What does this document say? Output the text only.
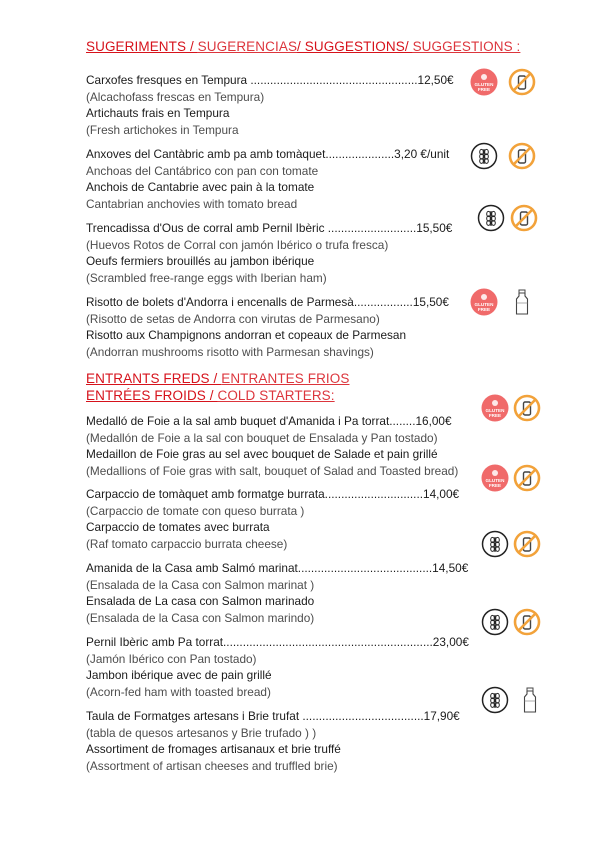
SUGERIMENTS / SUGERENCIAS/ SUGGESTIONS/ SUGGESTIONS :
ENTRANTS FREDS / ENTRANTES FRIOS
ENTRÉES FROIDS / COLD STARTERS:
Carxofes fresques en Tempura ...................................................12,50€
(Alcachofass frescas en Tempura)
Artichauts frais en Tempura
(Fresh artichokes in Tempura
GLUTEN
FREE
Anxoves del Cantàbric amb pa amb tomàquet.....................3,20 €/unit
Anchoas del Cantábrico con pan con tomate
Anchois de Cantabrie avec pain à la tomate
Cantabrian anchovies with tomato bread
Trencadissa d'Ous de corral amb Pernil Ibèric ...........................15,50€
(Huevos Rotos de Corral con jamón Ibérico o trufa fresca)
Oeufs fermiers brouillés au jambon ibérique
(Scrambled free-range eggs with Iberian ham)
Risotto de bolets d'Andorra i encenalls de Parmesà..................15,50€
(Risotto de setas de Andorra con virutas de Parmesano)
Risotto aux Champignons andorran et copeaux de Parmesan
(Andorran mushrooms risotto with Parmesan shavings)
GLUTEN
FREE
Medalló de Foie a la sal amb buquet d'Amanida i Pa torrat........16,00€
(Medallón de Foie a la sal con bouquet de Ensalada y Pan tostado)
Medaillon de Foie gras au sel avec bouquet de Salade et pain grillé
(Medallions of Foie gras with salt, bouquet of Salad and Toasted bread)
GLUTEN
FREE
Carpaccio de tomàquet amb formatge burrata..............................14,00€
(Carpaccio de tomate con queso burrata )
Carpaccio de tomates avec burrata
(Raf tomato carpaccio burrata cheese)
GLUTEN
FREE
Amanida de la Casa amb Salmó marinat.........................................14,50€
(Ensalada de la Casa con Salmon marinat )
Ensalada de La casa con Salmon marinado
(Ensalada de la Casa con Salmon marindo)
Pernil Ibèric amb Pa torrat................................................................23,00€
(Jamón Ibérico con Pan tostado)
Jambon ibérique avec de pain grillé
(Acorn-fed ham with toasted bread)
Taula de Formatges artesans i Brie trufat .....................................17,90€
(tabla de quesos artesanos y Brie trufado ) )
Assortiment de fromages artisanaux et brie truffé
(Assortment of artisan cheeses and truffled brie)
